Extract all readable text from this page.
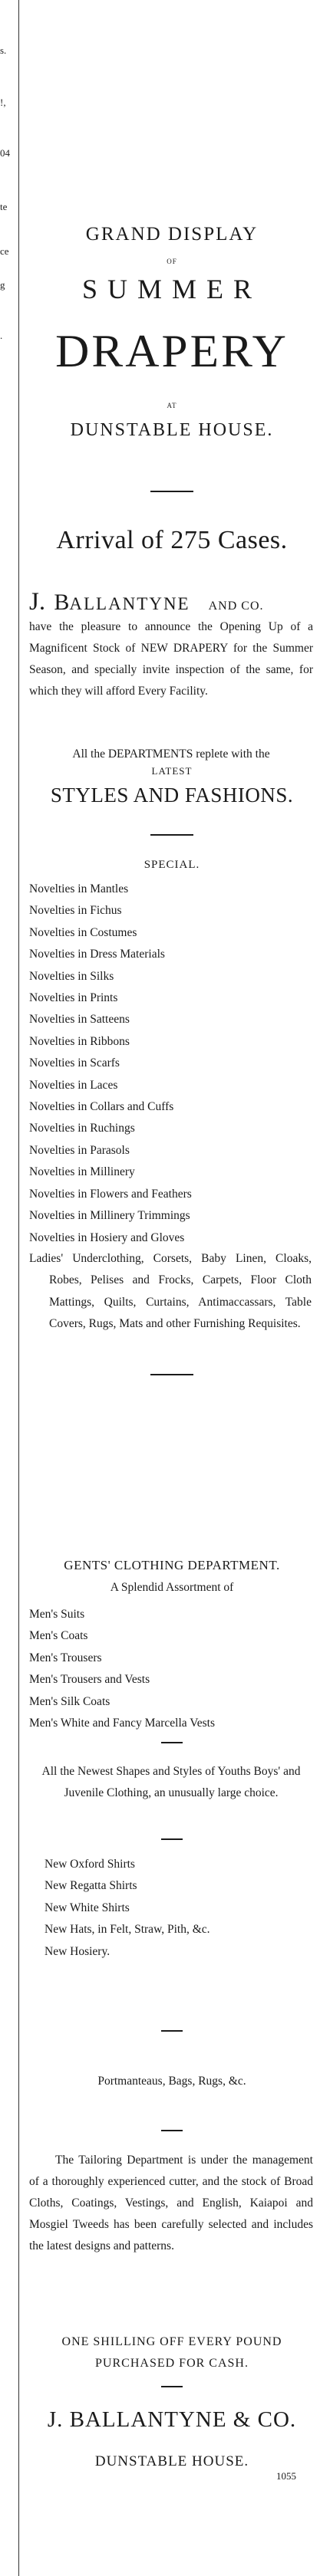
s.
!,
04
te
ce
g
.
GRAND DISPLAY
OF
SUMMER
DRAPERY
AT
DUNSTABLE HOUSE.
Arrival of 275 Cases.
J. BALLANTYNE AND CO.
have the pleasure to announce the Opening Up of a Magnificent Stock of NEW DRAPERY for the Summer Season, and specially invite inspection of the same, for which they will afford Every Facility.
All the DEPARTMENTS replete with the
LATEST
STYLES AND FASHIONS.
SPECIAL.
Novelties in Mantles
Novelties in Fichus
Novelties in Costumes
Novelties in Dress Materials
Novelties in Silks
Novelties in Prints
Novelties in Satteens
Novelties in Ribbons
Novelties in Scarfs
Novelties in Laces
Novelties in Collars and Cuffs
Novelties in Ruchings
Novelties in Parasols
Novelties in Millinery
Novelties in Flowers and Feathers
Novelties in Millinery Trimmings
Novelties in Hosiery and Gloves
Ladies' Underclothing, Corsets, Baby Linen, Cloaks, Robes, Pelises and Frocks, Carpets, Floor Cloth Mattings, Quilts, Curtains, Antimaccassars, Table Covers, Rugs, Mats and other Furnishing Requisites.
GENTS' CLOTHING DEPARTMENT.
A Splendid Assortment of
Men's Suits
Men's Coats
Men's Trousers
Men's Trousers and Vests
Men's Silk Coats
Men's White and Fancy Marcella Vests
All the Newest Shapes and Styles of Youths Boys' and Juvenile Clothing, an unusually large choice.
New Oxford Shirts
New Regatta Shirts
New White Shirts
New Hats, in Felt, Straw, Pith, &c.
New Hosiery.
Portmanteaus, Bags, Rugs, &c.
The Tailoring Department is under the management of a thoroughly experienced cutter, and the stock of Broad Cloths, Coatings, Vestings, and English, Kaiapoi and Mosgiel Tweeds has been carefully selected and includes the latest designs and patterns.
ONE SHILLING OFF EVERY POUND
PURCHASED FOR CASH.
J. BALLANTYNE & CO.
DUNSTABLE HOUSE.
1055
